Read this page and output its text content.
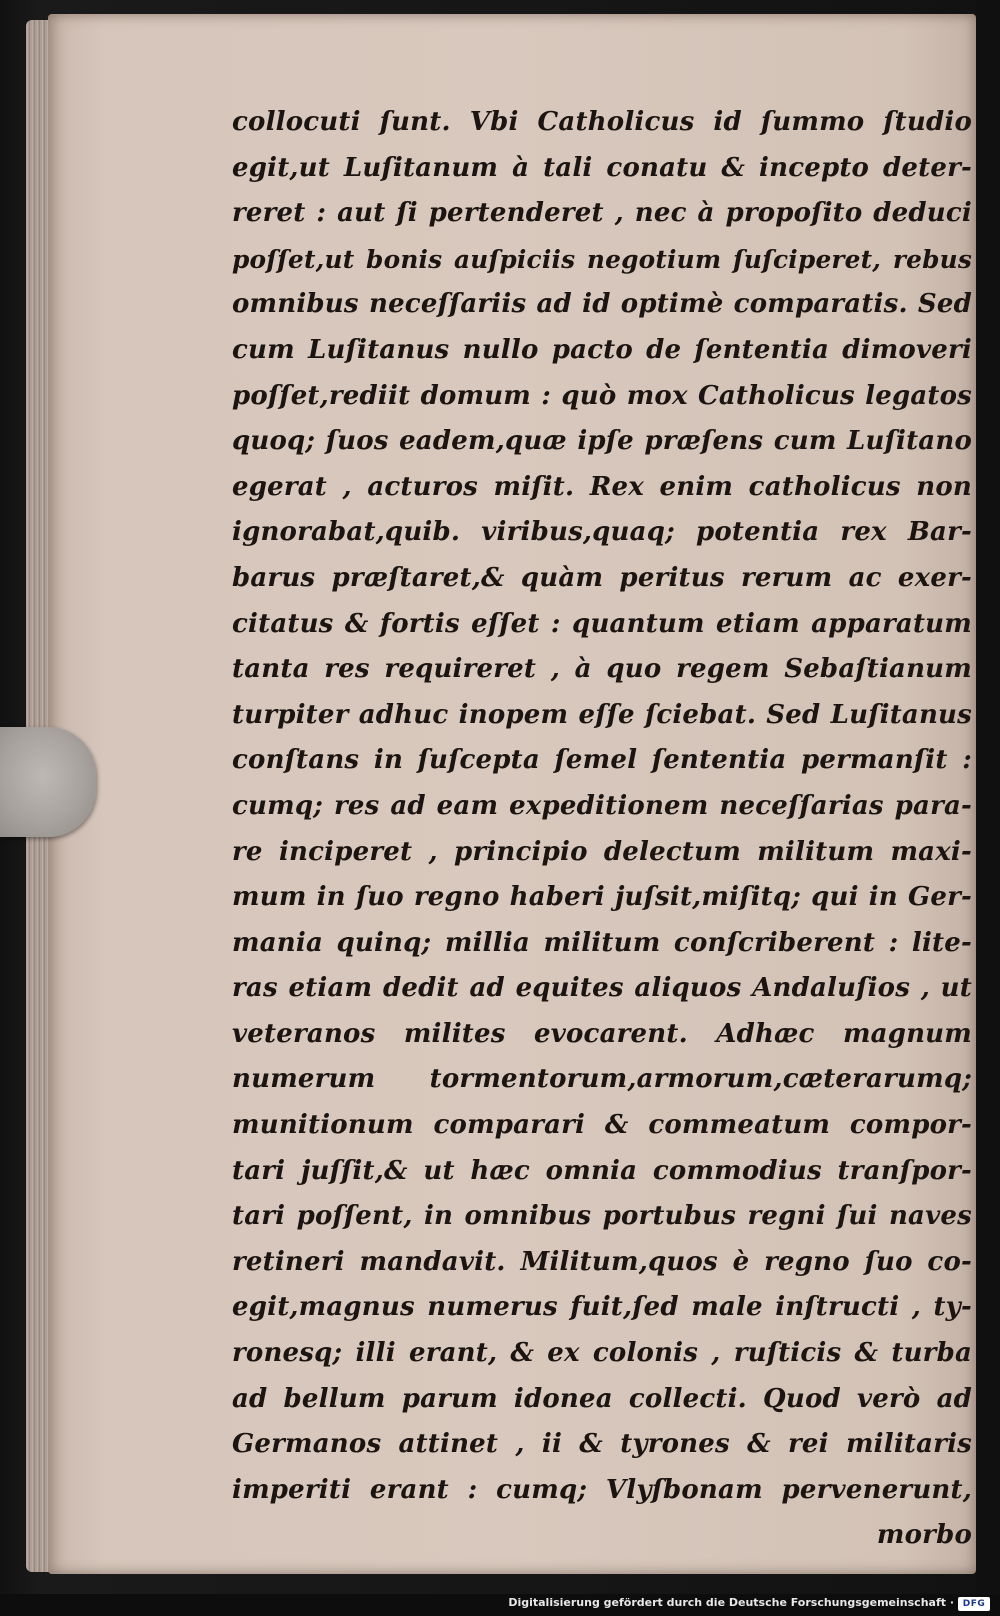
collocuti ſunt. Vbi Catholicus id ſummo ſtudio
egit,ut Luſitanum à tali conatu & incepto deter-
reret : aut ſi pertenderet , nec à propoſito deduci
poſſet,ut bonis auſpiciis negotium ſuſciperet, rebus
omnibus neceſſariis ad id optimè comparatis. Sed
cum Luſitanus nullo pacto de ſententia dimoveri
poſſet,rediit domum : quò mox Catholicus legatos
quoq; ſuos eadem,quæ ipſe præſens cum Luſitano
egerat , acturos miſit. Rex enim catholicus non
ignorabat,quib. viribus,quaq; potentia rex Bar-
barus præſtaret,& quàm peritus rerum ac exer-
citatus & fortis eſſet : quantum etiam apparatum
tanta res requireret , à quo regem Sebaſtianum
turpiter adhuc inopem eſſe ſciebat. Sed Luſitanus
conſtans in ſuſcepta ſemel ſententia permanſit :
cumq; res ad eam expeditionem neceſſarias para-
re inciperet , principio delectum militum maxi-
mum in ſuo regno haberi juſsit,miſitq; qui in Ger-
mania quinq; millia militum conſcriberent : lite-
ras etiam dedit ad equites aliquos Andaluſios , ut
veteranos milites evocarent. Adhæc magnum
numerum tormentorum,armorum,cæterarumq;
munitionum comparari & commeatum compor-
tari juſſit,& ut hæc omnia commodius tranſpor-
tari poſſent, in omnibus portubus regni ſui naves
retineri mandavit. Militum,quos è regno ſuo co-
egit,magnus numerus fuit,ſed male inſtructi , ty-
ronesq; illi erant, & ex colonis , ruſticis & turba
ad bellum parum idonea collecti. Quod verò ad
Germanos attinet , ii & tyrones & rei militaris
imperiti erant : cumq; Vlyſbonam pervenerunt,
morbo
Digitalisierung gefördert durch die Deutsche Forschungsgemeinschaft · DFG
